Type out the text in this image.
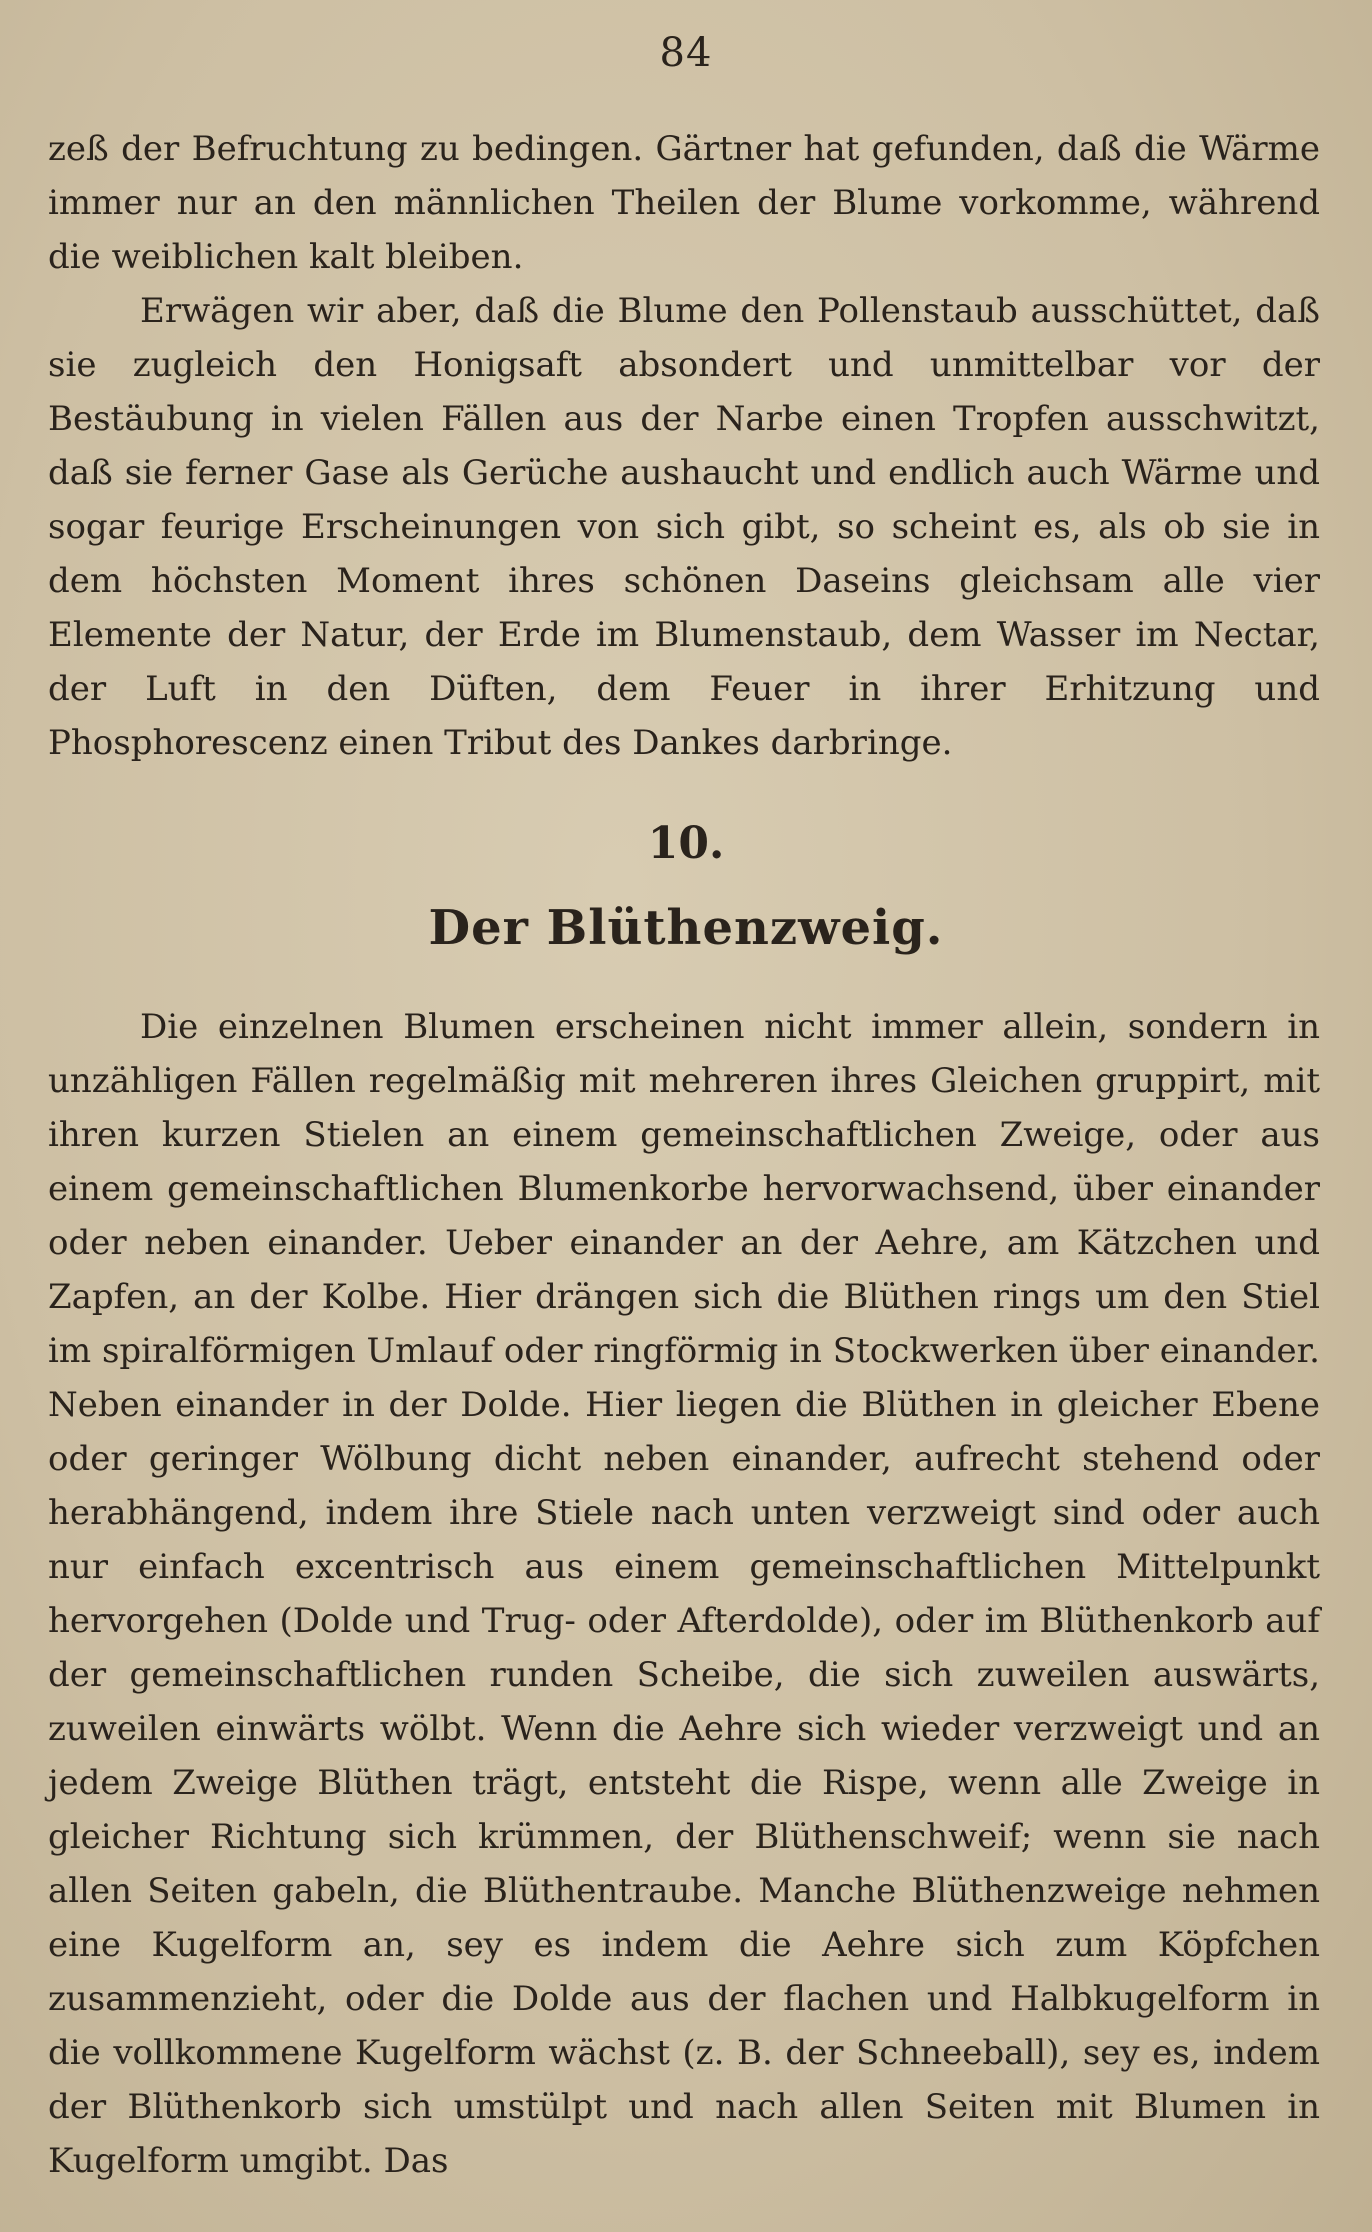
84

zeß der Befruchtung zu bedingen. Gärtner hat gefunden, daß die Wärme immer nur an den männlichen Theilen der Blume vorkomme, während die weiblichen kalt bleiben.

Erwägen wir aber, daß die Blume den Pollenstaub ausschüttet, daß sie zugleich den Honigsaft absondert und unmittelbar vor der Bestäubung in vielen Fällen aus der Narbe einen Tropfen ausschwitzt, daß sie ferner Gase als Gerüche aushaucht und endlich auch Wärme und sogar feurige Erscheinungen von sich gibt, so scheint es, als ob sie in dem höchsten Moment ihres schönen Daseins gleichsam alle vier Elemente der Natur, der Erde im Blumenstaub, dem Wasser im Nectar, der Luft in den Düften, dem Feuer in ihrer Erhitzung und Phosphorescenz einen Tribut des Dankes darbringe.

10.
Der Blüthenzweig.

Die einzelnen Blumen erscheinen nicht immer allein, sondern in unzähligen Fällen regelmäßig mit mehreren ihres Gleichen gruppirt, mit ihren kurzen Stielen an einem gemeinschaftlichen Zweige, oder aus einem gemeinschaftlichen Blumenkorbe hervorwachsend, über einander oder neben einander. Ueber einander an der Aehre, am Kätzchen und Zapfen, an der Kolbe. Hier drängen sich die Blüthen rings um den Stiel im spiralförmigen Umlauf oder ringförmig in Stockwerken über einander. Neben einander in der Dolde. Hier liegen die Blüthen in gleicher Ebene oder geringer Wölbung dicht neben einander, aufrecht stehend oder herabhängend, indem ihre Stiele nach unten verzweigt sind oder auch nur einfach excentrisch aus einem gemeinschaftlichen Mittelpunkt hervorgehen (Dolde und Trug- oder Afterdolde), oder im Blüthenkorb auf der gemeinschaftlichen runden Scheibe, die sich zuweilen auswärts, zuweilen einwärts wölbt. Wenn die Aehre sich wieder verzweigt und an jedem Zweige Blüthen trägt, entsteht die Rispe, wenn alle Zweige in gleicher Richtung sich krümmen, der Blüthenschweif; wenn sie nach allen Seiten gabeln, die Blüthentraube. Manche Blüthenzweige nehmen eine Kugelform an, sey es indem die Aehre sich zum Köpfchen zusammenzieht, oder die Dolde aus der flachen und Halbkugelform in die vollkommene Kugelform wächst (z. B. der Schneeball), sey es, indem der Blüthenkorb sich umstülpt und nach allen Seiten mit Blumen in Kugelform umgibt. Das
